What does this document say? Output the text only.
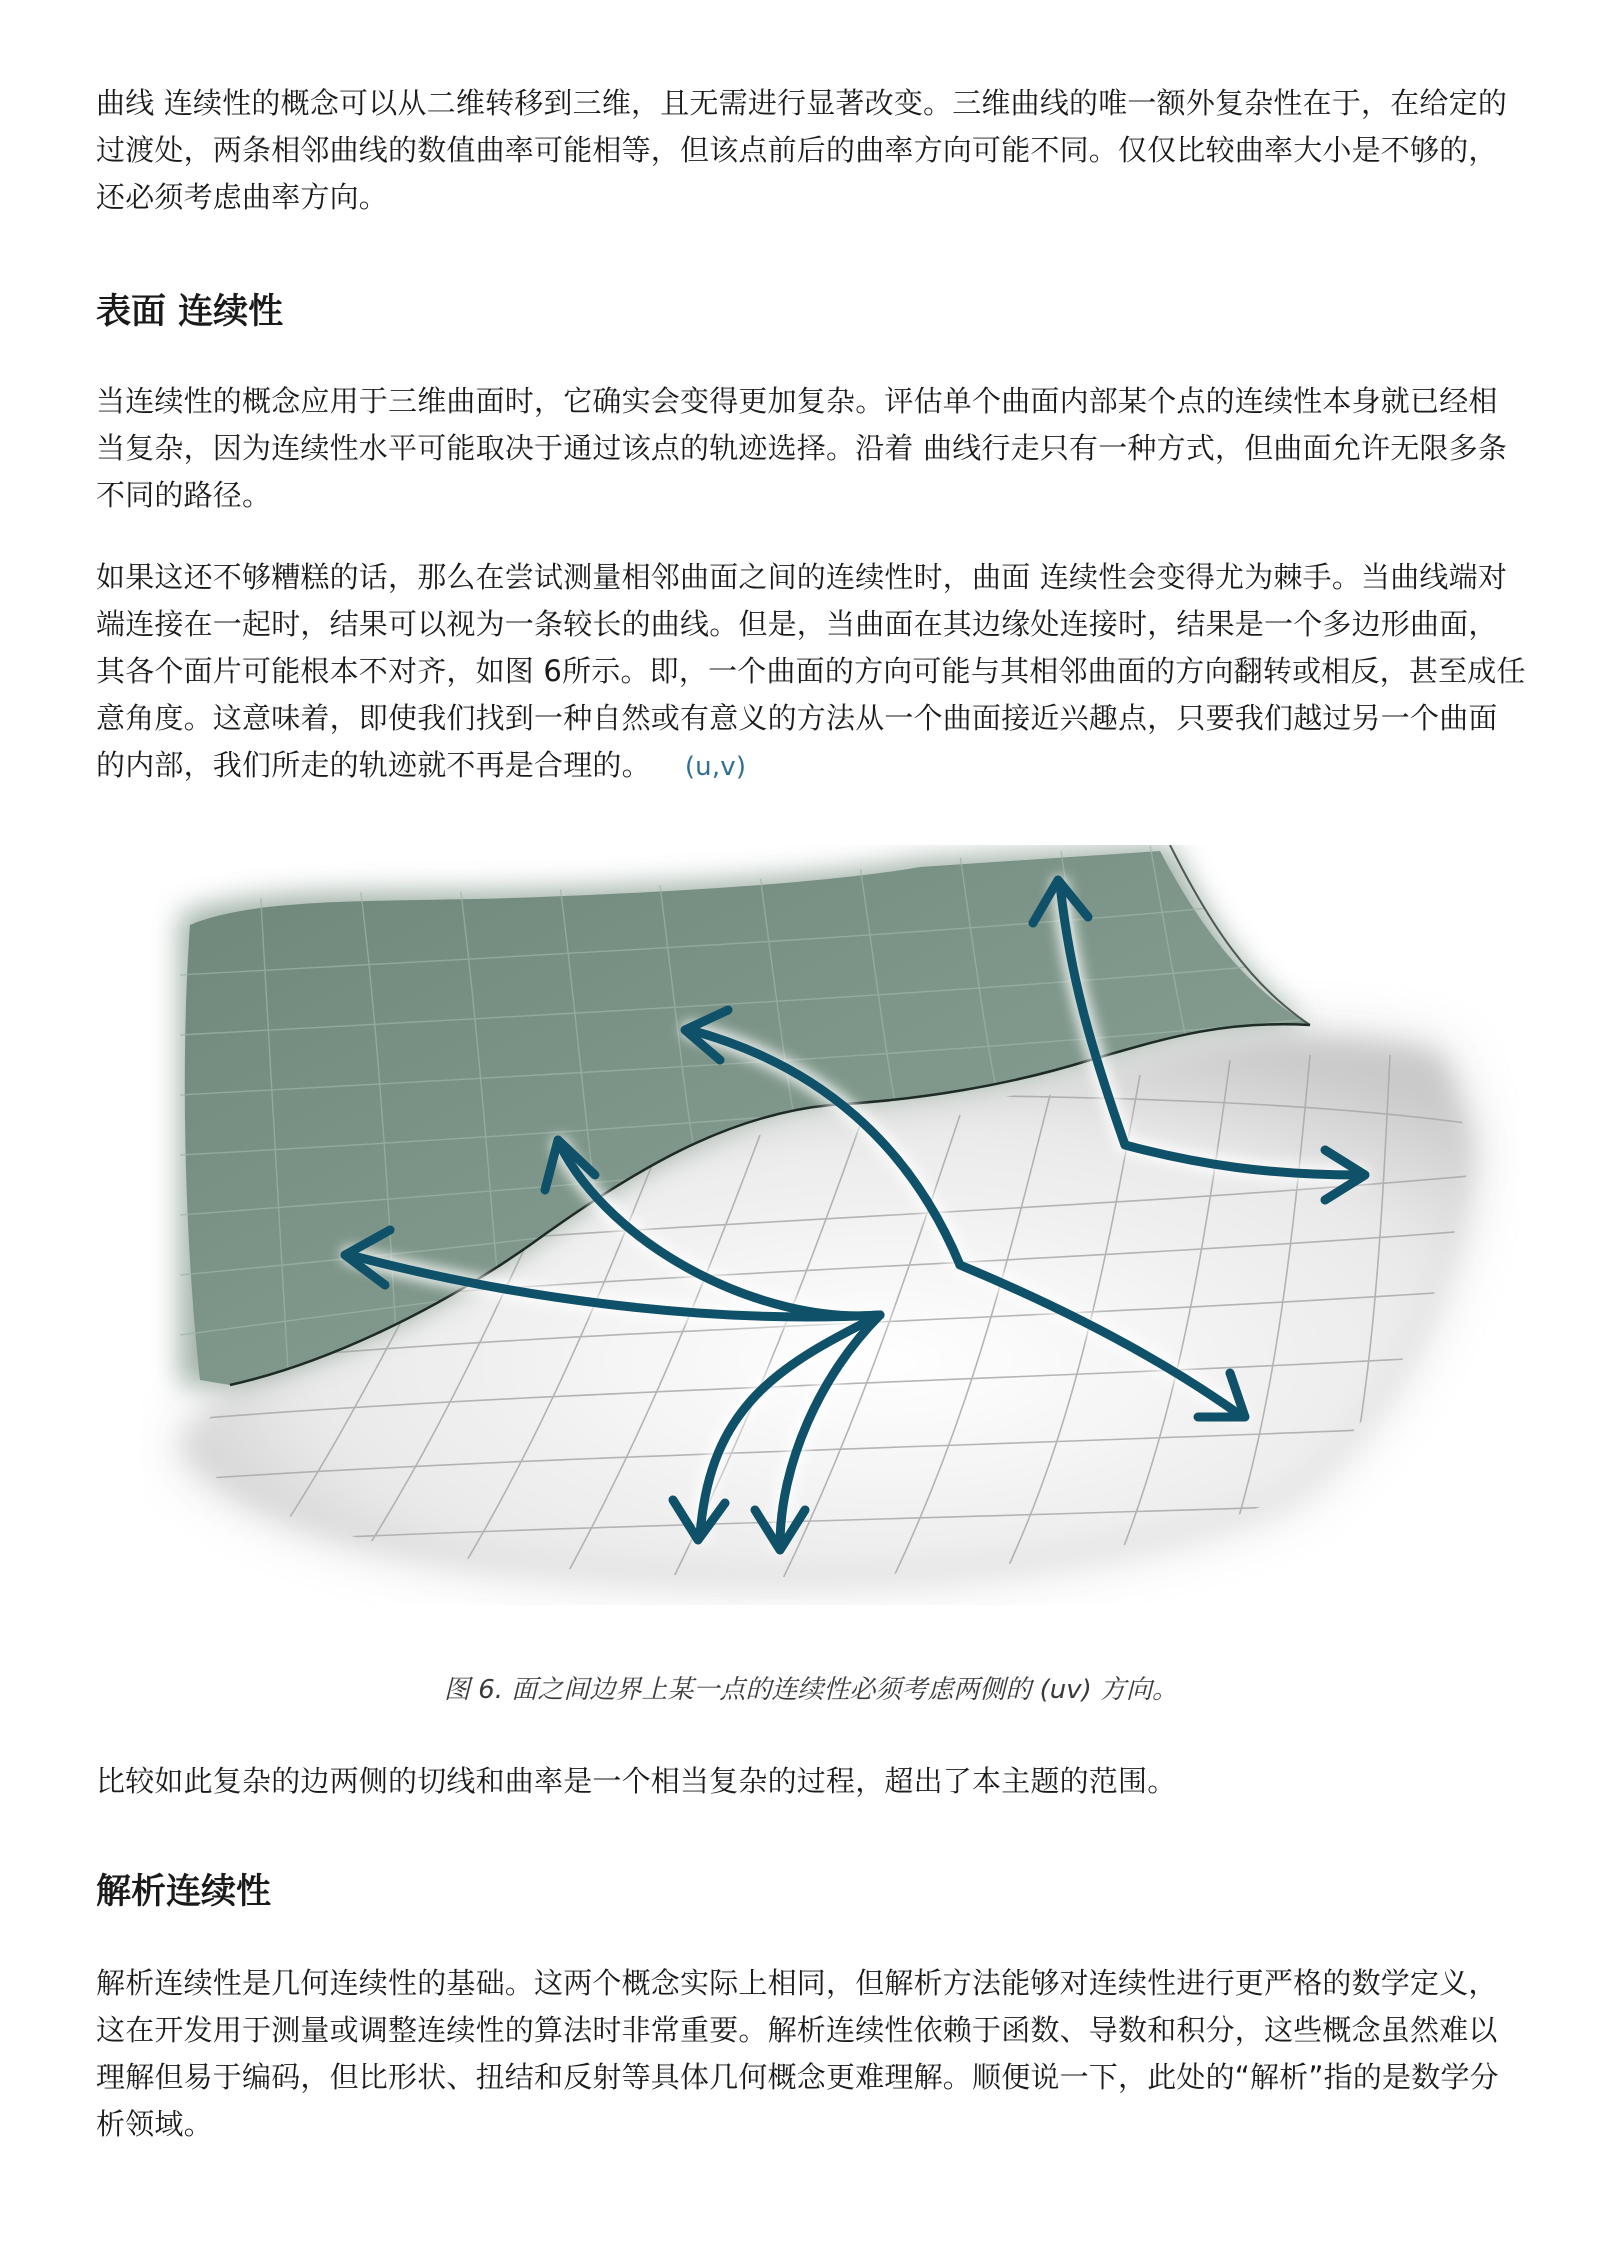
曲线 连续性的概念可以从二维转移到三维，且无需进行显著改变。三维曲线的唯一额外复杂性在于，在给定的过渡处，两条相邻曲线的数值曲率可能相等，但该点前后的曲率方向可能不同。仅仅比较曲率大小是不够的，还必须考虑曲率方向。

表面 连续性

当连续性的概念应用于三维曲面时，它确实会变得更加复杂。评估单个曲面内部某个点的连续性本身就已经相当复杂，因为连续性水平可能取决于通过该点的轨迹选择。沿着 曲线行走只有一种方式，但曲面允许无限多条不同的路径。

如果这还不够糟糕的话，那么在尝试测量相邻曲面之间的连续性时，曲面 连续性会变得尤为棘手。当曲线端对端连接在一起时，结果可以视为一条较长的曲线。但是，当曲面在其边缘处连接时，结果是一个多边形曲面，其各个面片可能根本不对齐，如图 6所示。即，一个曲面的方向可能与其相邻曲面的方向翻转或相反，甚至成任意角度。这意味着，即使我们找到一种自然或有意义的方法从一个曲面接近兴趣点，只要我们越过另一个曲面的内部，我们所走的轨迹就不再是合理的。 (u,v)

图 6. 面之间边界上某一点的连续性必须考虑两侧的 (uv) 方向。

比较如此复杂的边两侧的切线和曲率是一个相当复杂的过程，超出了本主题的范围。

解析连续性

解析连续性是几何连续性的基础。这两个概念实际上相同，但解析方法能够对连续性进行更严格的数学定义，这在开发用于测量或调整连续性的算法时非常重要。解析连续性依赖于函数、导数和积分，这些概念虽然难以理解但易于编码，但比形状、扭结和反射等具体几何概念更难理解。顺便说一下，此处的“解析”指的是数学分析领域。
